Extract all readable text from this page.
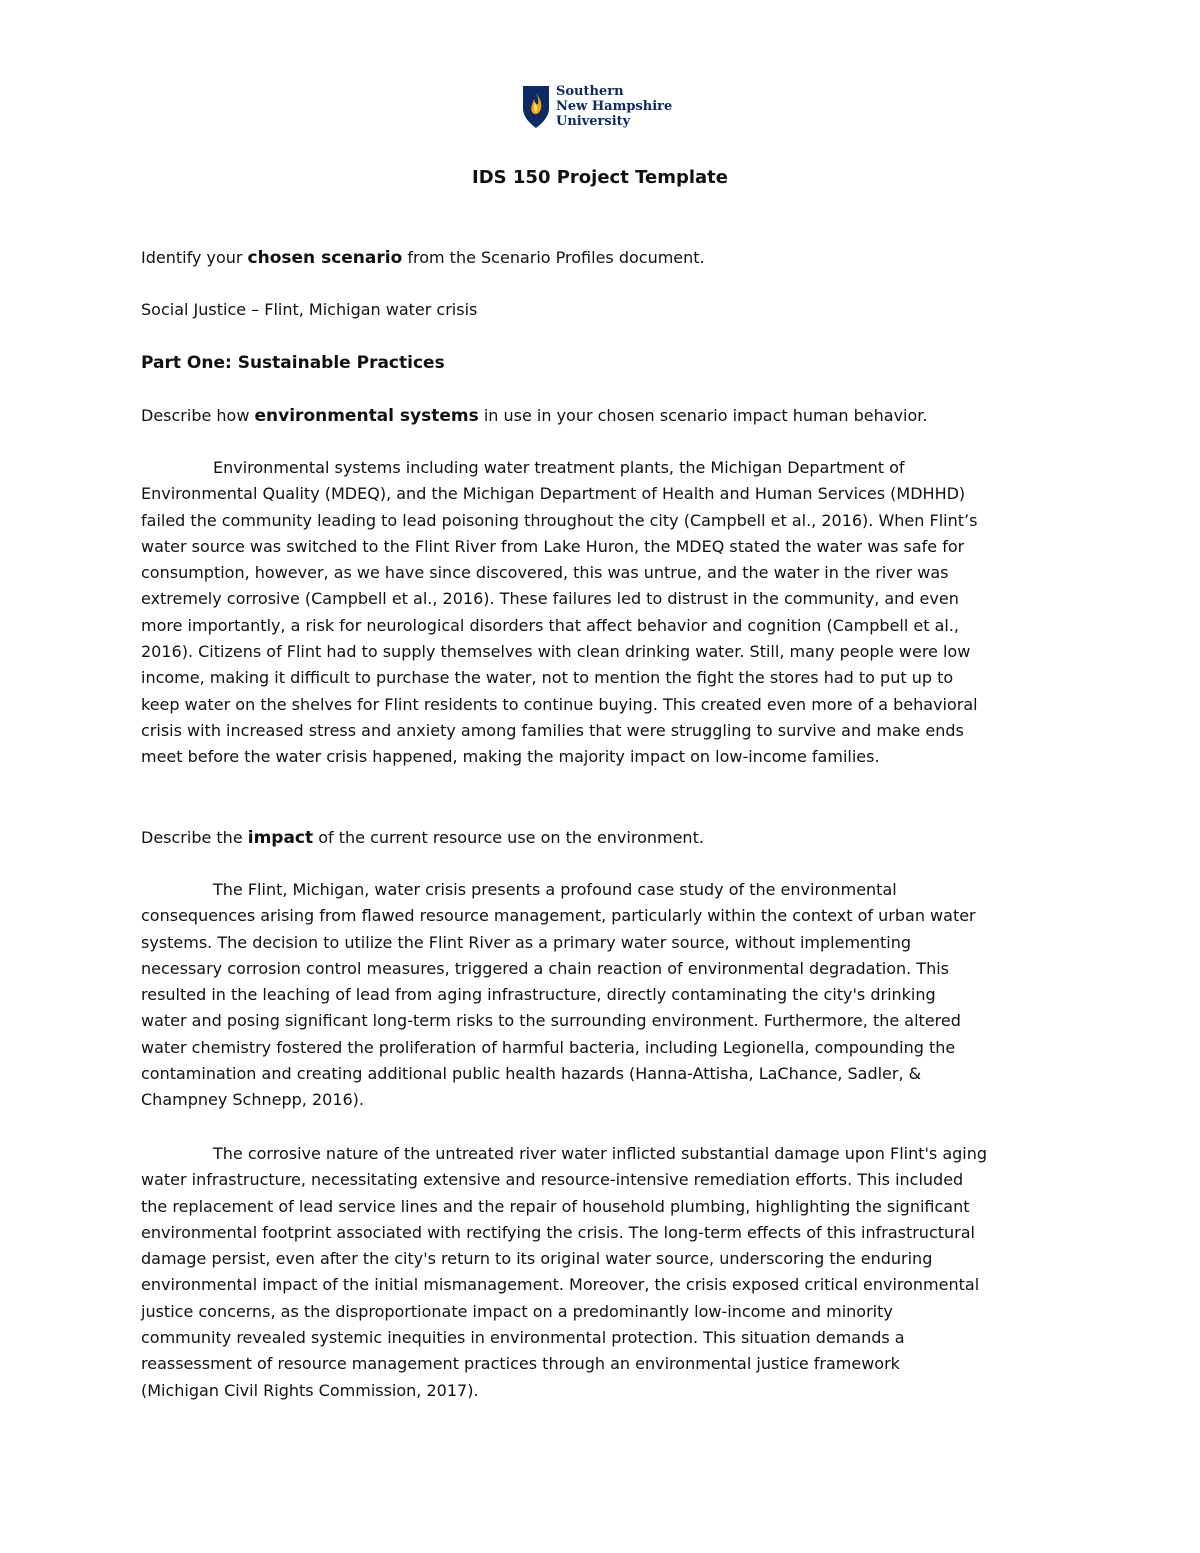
Southern
New Hampshire
University
IDS 150 Project Template
Identify your chosen scenario from the Scenario Profiles document.
Social Justice – Flint, Michigan water crisis
Part One: Sustainable Practices
Describe how environmental systems in use in your chosen scenario impact human behavior.
Environmental systems including water treatment plants, the Michigan Department of
Environmental Quality (MDEQ), and the Michigan Department of Health and Human Services (MDHHD)
failed the community leading to lead poisoning throughout the city (Campbell et al., 2016). When Flint’s
water source was switched to the Flint River from Lake Huron, the MDEQ stated the water was safe for
consumption, however, as we have since discovered, this was untrue, and the water in the river was
extremely corrosive (Campbell et al., 2016). These failures led to distrust in the community, and even
more importantly, a risk for neurological disorders that affect behavior and cognition (Campbell et al.,
2016). Citizens of Flint had to supply themselves with clean drinking water. Still, many people were low
income, making it difficult to purchase the water, not to mention the fight the stores had to put up to
keep water on the shelves for Flint residents to continue buying. This created even more of a behavioral
crisis with increased stress and anxiety among families that were struggling to survive and make ends
meet before the water crisis happened, making the majority impact on low-income families.
Describe the impact of the current resource use on the environment.
The Flint, Michigan, water crisis presents a profound case study of the environmental
consequences arising from flawed resource management, particularly within the context of urban water
systems. The decision to utilize the Flint River as a primary water source, without implementing
necessary corrosion control measures, triggered a chain reaction of environmental degradation. This
resulted in the leaching of lead from aging infrastructure, directly contaminating the city's drinking
water and posing significant long-term risks to the surrounding environment. Furthermore, the altered
water chemistry fostered the proliferation of harmful bacteria, including Legionella, compounding the
contamination and creating additional public health hazards (Hanna-Attisha, LaChance, Sadler, &
Champney Schnepp, 2016).
The corrosive nature of the untreated river water inflicted substantial damage upon Flint's aging
water infrastructure, necessitating extensive and resource-intensive remediation efforts. This included
the replacement of lead service lines and the repair of household plumbing, highlighting the significant
environmental footprint associated with rectifying the crisis. The long-term effects of this infrastructural
damage persist, even after the city's return to its original water source, underscoring the enduring
environmental impact of the initial mismanagement. Moreover, the crisis exposed critical environmental
justice concerns, as the disproportionate impact on a predominantly low-income and minority
community revealed systemic inequities in environmental protection. This situation demands a
reassessment of resource management practices through an environmental justice framework
(Michigan Civil Rights Commission, 2017).
